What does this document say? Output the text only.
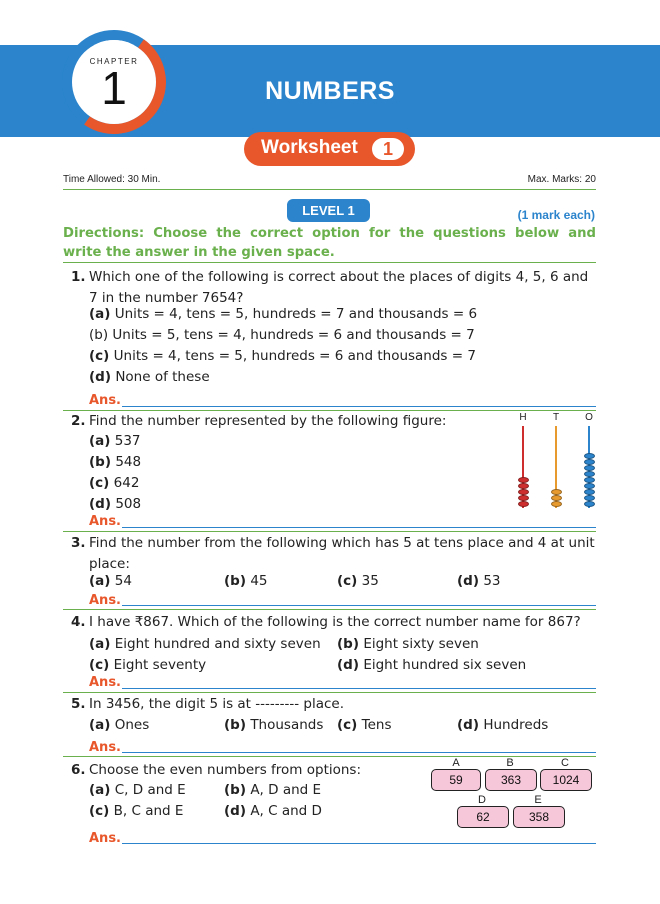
NUMBERS
CHAPTER
1
Worksheet	1
Time Allowed: 30 Min.	Max. Marks: 20
LEVEL 1	(1 mark each)
Directions: Choose the correct option for the questions below and write the answer in the given space.
1. Which one of the following is correct about the places of digits 4, 5, 6 and 7 in the number 7654?
(a) Units = 4, tens = 5, hundreds = 7 and thousands = 6
(b) Units = 5, tens = 4, hundreds = 6 and thousands = 7
(c) Units = 4, tens = 5, hundreds = 6 and thousands = 7
(d) None of these
Ans.
2. Find the number represented by the following figure:
(a) 537
(b) 548
(c) 642
(d) 508
Ans.
H	T	O
3. Find the number from the following which has 5 at tens place and 4 at unit place:
(a) 54	(b) 45	(c) 35	(d) 53
Ans.
4. I have ₹867. Which of the following is the correct number name for 867?
(a) Eight hundred and sixty seven (b) Eight sixty seven
(c) Eight seventy	(d) Eight hundred six seven
Ans.
5. In 3456, the digit 5 is at --------- place.
(a) Ones	(b) Thousands (c) Tens	(d) Hundreds
Ans.
6. Choose the even numbers from options:
(a) C, D and E	(b) A, D and E
(c) B, C and E	(d) A, C and D
A
59
B
363
C
1024
D
62
E
358
Ans.
